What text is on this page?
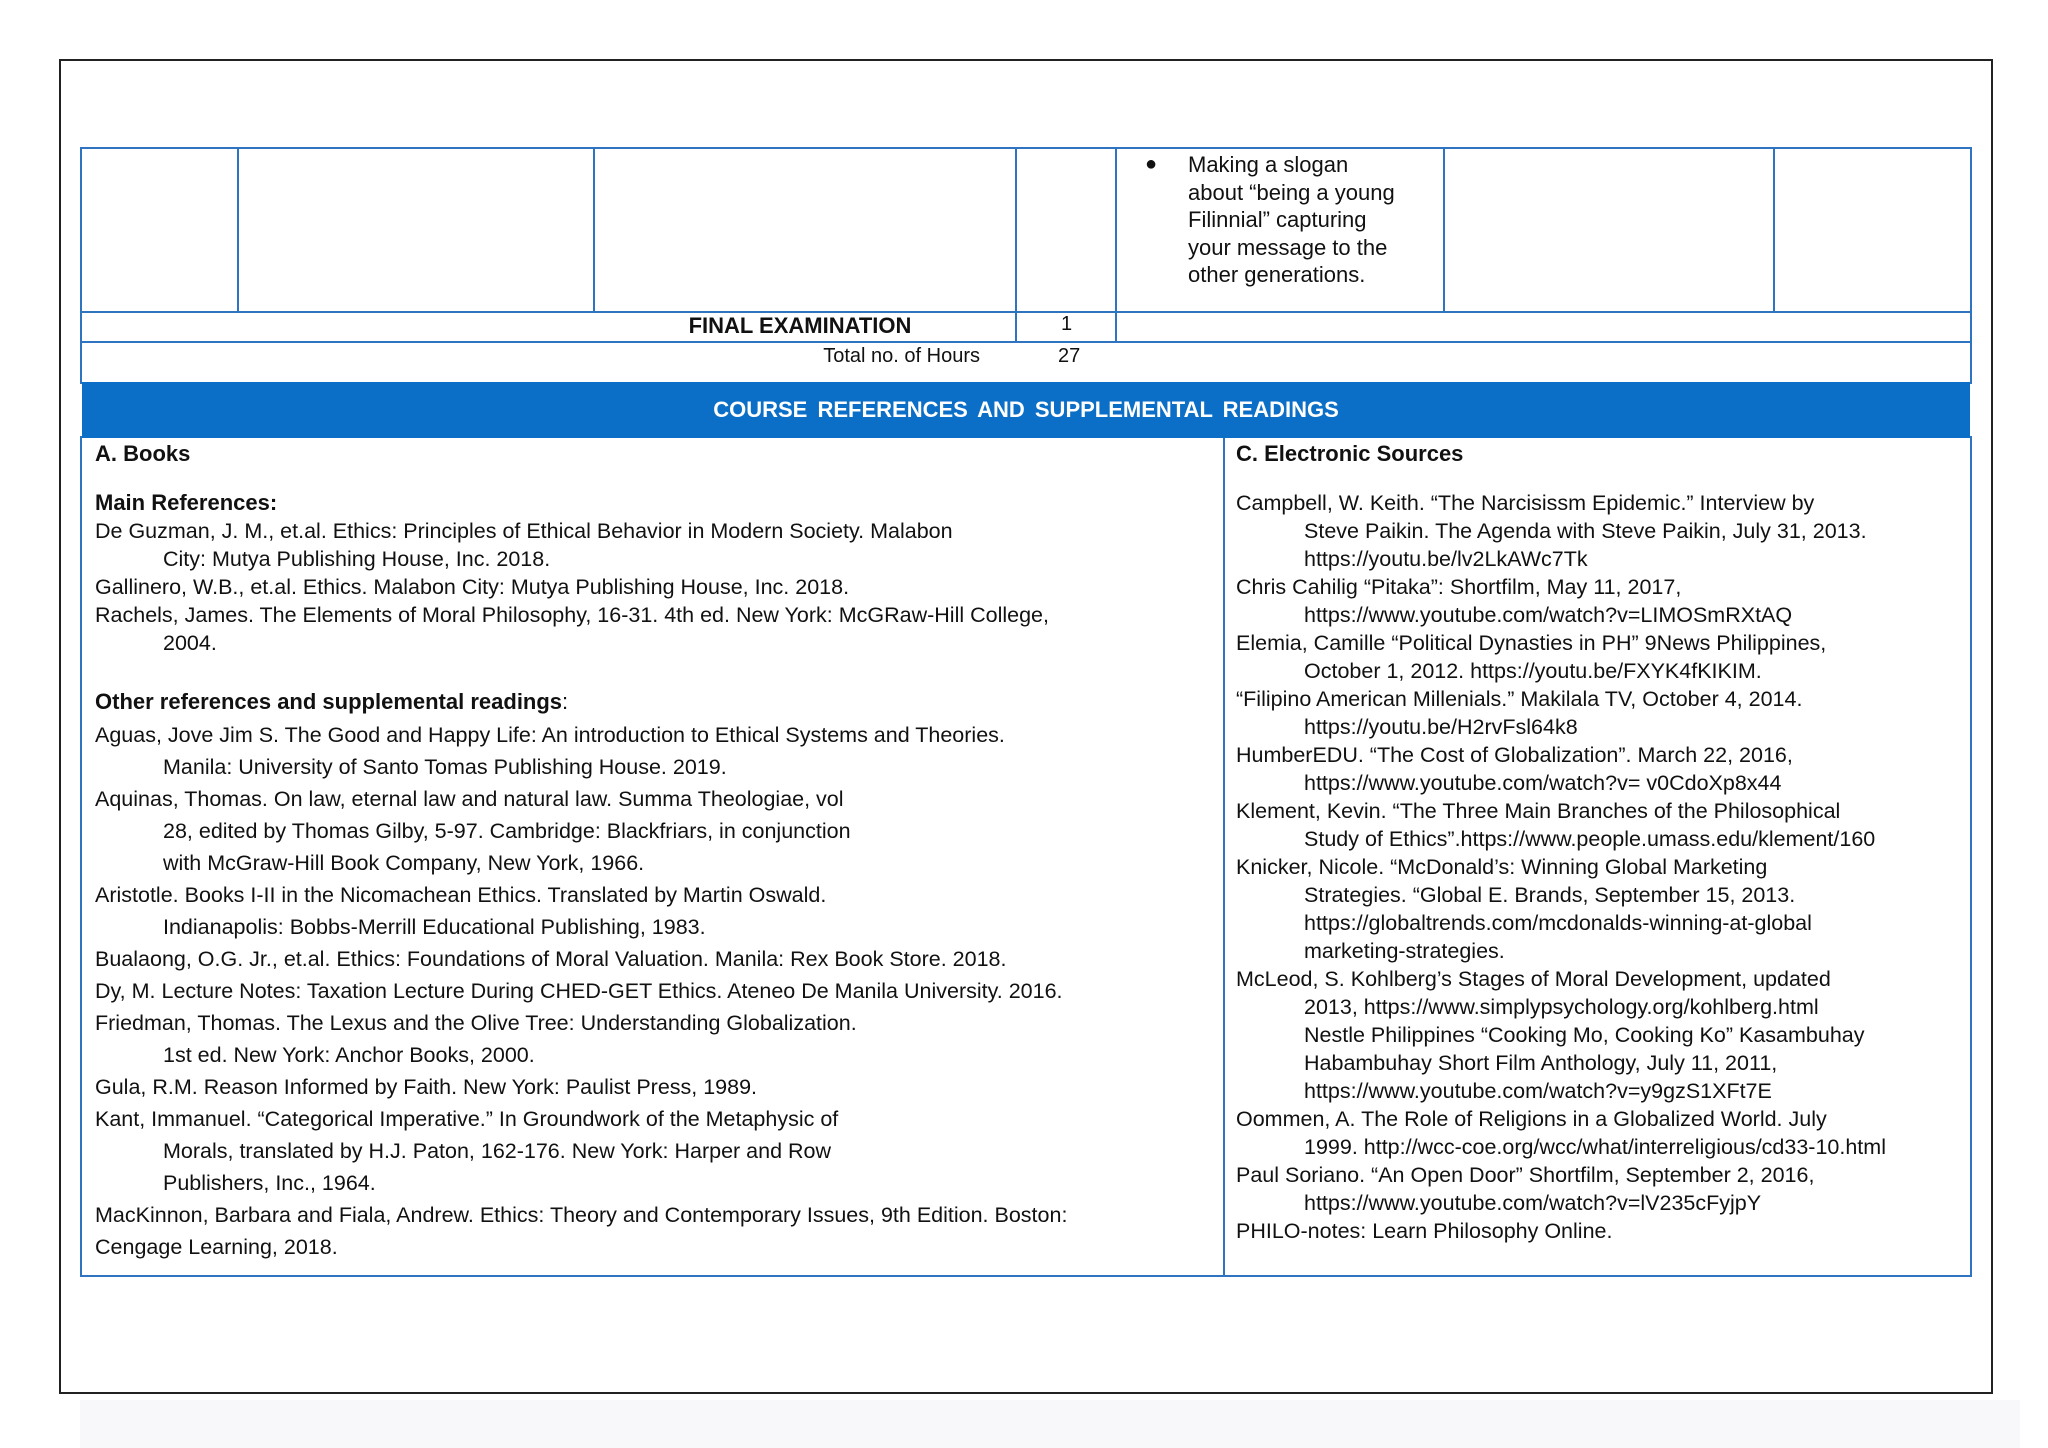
● Making a slogan
about “being a young
Filinnial” capturing
your message to the
other generations.
FINAL EXAMINATION	1
Total no. of Hours	27
COURSE REFERENCES AND SUPPLEMENTAL READINGS
A. Books
Main References:
De Guzman, J. M., et.al. Ethics: Principles of Ethical Behavior in Modern Society. Malabon
City: Mutya Publishing House, Inc. 2018.
Gallinero, W.B., et.al. Ethics. Malabon City: Mutya Publishing House, Inc. 2018.
Rachels, James. The Elements of Moral Philosophy, 16-31. 4th ed. New York: McGRaw-Hill College,
2004.
Other references and supplemental readings:
Aguas, Jove Jim S. The Good and Happy Life: An introduction to Ethical Systems and Theories.
Manila: University of Santo Tomas Publishing House. 2019.
Aquinas, Thomas. On law, eternal law and natural law. Summa Theologiae, vol
28, edited by Thomas Gilby, 5-97. Cambridge: Blackfriars, in conjunction
with McGraw-Hill Book Company, New York, 1966.
Aristotle. Books I-II in the Nicomachean Ethics. Translated by Martin Oswald.
Indianapolis: Bobbs-Merrill Educational Publishing, 1983.
Bualaong, O.G. Jr., et.al. Ethics: Foundations of Moral Valuation. Manila: Rex Book Store. 2018.
Dy, M. Lecture Notes: Taxation Lecture During CHED-GET Ethics. Ateneo De Manila University. 2016.
Friedman, Thomas. The Lexus and the Olive Tree: Understanding Globalization.
1st ed. New York: Anchor Books, 2000.
Gula, R.M. Reason Informed by Faith. New York: Paulist Press, 1989.
Kant, Immanuel. “Categorical Imperative.” In Groundwork of the Metaphysic of
Morals, translated by H.J. Paton, 162-176. New York: Harper and Row
Publishers, Inc., 1964.
MacKinnon, Barbara and Fiala, Andrew. Ethics: Theory and Contemporary Issues, 9th Edition. Boston:
Cengage Learning, 2018.
C. Electronic Sources
Campbell, W. Keith. “The Narcisissm Epidemic.” Interview by
Steve Paikin. The Agenda with Steve Paikin, July 31, 2013.
https://youtu.be/lv2LkAWc7Tk
Chris Cahilig “Pitaka”: Shortfilm, May 11, 2017,
https://www.youtube.com/watch?v=LIMOSmRXtAQ
Elemia, Camille “Political Dynasties in PH” 9News Philippines,
October 1, 2012. https://youtu.be/FXYK4fKIKIM.
“Filipino American Millenials.” Makilala TV, October 4, 2014.
https://youtu.be/H2rvFsl64k8
HumberEDU. “The Cost of Globalization”. March 22, 2016,
https://www.youtube.com/watch?v= v0CdoXp8x44
Klement, Kevin. “The Three Main Branches of the Philosophical
Study of Ethics”.https://www.people.umass.edu/klement/160
Knicker, Nicole. “McDonald’s: Winning Global Marketing
Strategies. “Global E. Brands, September 15, 2013.
https://globaltrends.com/mcdonalds-winning-at-global
marketing-strategies.
McLeod, S. Kohlberg’s Stages of Moral Development, updated
2013, https://www.simplypsychology.org/kohlberg.html
Nestle Philippines “Cooking Mo, Cooking Ko” Kasambuhay
Habambuhay Short Film Anthology, July 11, 2011,
https://www.youtube.com/watch?v=y9gzS1XFt7E
Oommen, A. The Role of Religions in a Globalized World. July
1999. http://wcc-coe.org/wcc/what/interreligious/cd33-10.html
Paul Soriano. “An Open Door” Shortfilm, September 2, 2016,
https://www.youtube.com/watch?v=lV235cFyjpY
PHILO-notes: Learn Philosophy Online.
